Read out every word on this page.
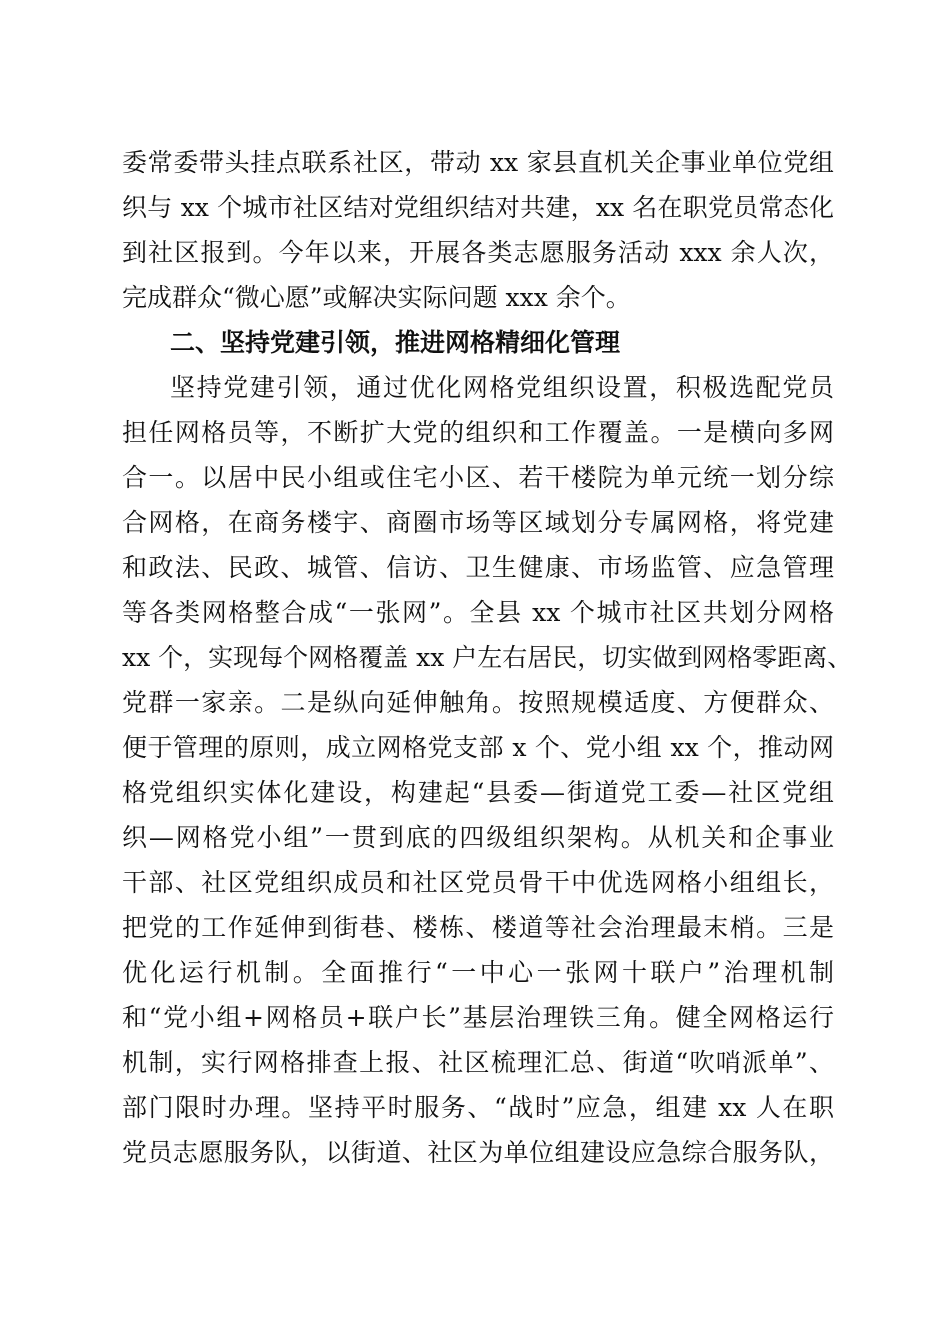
委常委带头挂点联系社区，带动 xx 家县直机关企事业单位党组
织与 xx 个城市社区结对党组织结对共建，xx 名在职党员常态化
到社区报到。今年以来，开展各类志愿服务活动 xxx 余人次，
完成群众“微心愿”或解决实际问题 xxx 余个。
二、坚持党建引领，推进网格精细化管理
坚持党建引领，通过优化网格党组织设置，积极选配党员
担任网格员等，不断扩大党的组织和工作覆盖。一是横向多网
合一。以居中民小组或住宅小区、若干楼院为单元统一划分综
合网格，在商务楼宇、商圈市场等区域划分专属网格，将党建
和政法、民政、城管、信访、卫生健康、市场监管、应急管理
等各类网格整合成“一张网”。全县 xx 个城市社区共划分网格
xx 个，实现每个网格覆盖 xx 户左右居民，切实做到网格零距离、
党群一家亲。二是纵向延伸触角。按照规模适度、方便群众、
便于管理的原则，成立网格党支部 x 个、党小组 xx 个，推动网
格党组织实体化建设，构建起“县委—街道党工委—社区党组
织—网格党小组”一贯到底的四级组织架构。从机关和企事业
干部、社区党组织成员和社区党员骨干中优选网格小组组长，
把党的工作延伸到街巷、楼栋、楼道等社会治理最末梢。三是
优化运行机制。全面推行“一中心一张网十联户”治理机制
和“党小组+网格员+联户长”基层治理铁三角。健全网格运行
机制，实行网格排查上报、社区梳理汇总、街道“吹哨派单”、
部门限时办理。坚持平时服务、“战时”应急，组建 xx 人在职
党员志愿服务队，以街道、社区为单位组建设应急综合服务队，
